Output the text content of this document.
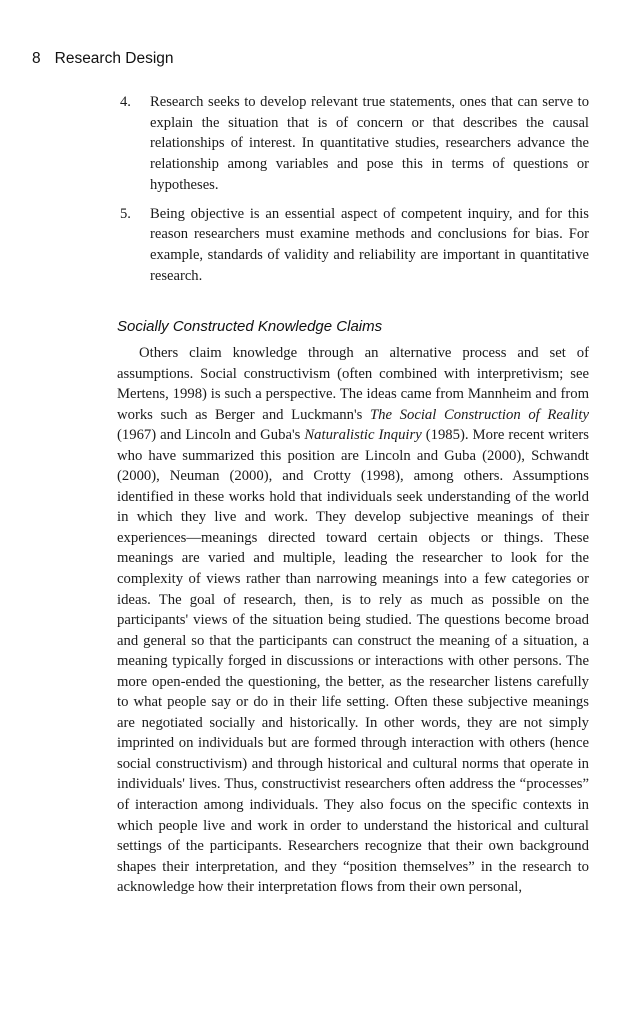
8 Research Design
4. Research seeks to develop relevant true statements, ones that can serve to explain the situation that is of concern or that describes the causal relationships of interest. In quantitative studies, researchers advance the relationship among variables and pose this in terms of questions or hypotheses.

5. Being objective is an essential aspect of competent inquiry, and for this reason researchers must examine methods and conclusions for bias. For example, standards of validity and reliability are important in quantitative research.

Socially Constructed Knowledge Claims

Others claim knowledge through an alternative process and set of assumptions. Social constructivism (often combined with interpretivism; see Mertens, 1998) is such a perspective. The ideas came from Mannheim and from works such as Berger and Luckmann's The Social Construction of Reality (1967) and Lincoln and Guba's Naturalistic Inquiry (1985). More recent writers who have summarized this position are Lincoln and Guba (2000), Schwandt (2000), Neuman (2000), and Crotty (1998), among others. Assumptions identified in these works hold that individuals seek understanding of the world in which they live and work. They develop subjective meanings of their experiences—meanings directed toward certain objects or things. These meanings are varied and multiple, leading the researcher to look for the complexity of views rather than narrowing meanings into a few categories or ideas. The goal of research, then, is to rely as much as possible on the participants' views of the situation being studied. The questions become broad and general so that the participants can construct the meaning of a situation, a meaning typically forged in discussions or interactions with other persons. The more open-ended the questioning, the better, as the researcher listens carefully to what people say or do in their life setting. Often these subjective meanings are negotiated socially and historically. In other words, they are not simply imprinted on individuals but are formed through interaction with others (hence social constructivism) and through historical and cultural norms that operate in individuals' lives. Thus, constructivist researchers often address the “processes” of interaction among individuals. They also focus on the specific contexts in which people live and work in order to understand the historical and cultural settings of the participants. Researchers recognize that their own background shapes their interpretation, and they “position themselves” in the research to acknowledge how their interpretation flows from their own personal,
